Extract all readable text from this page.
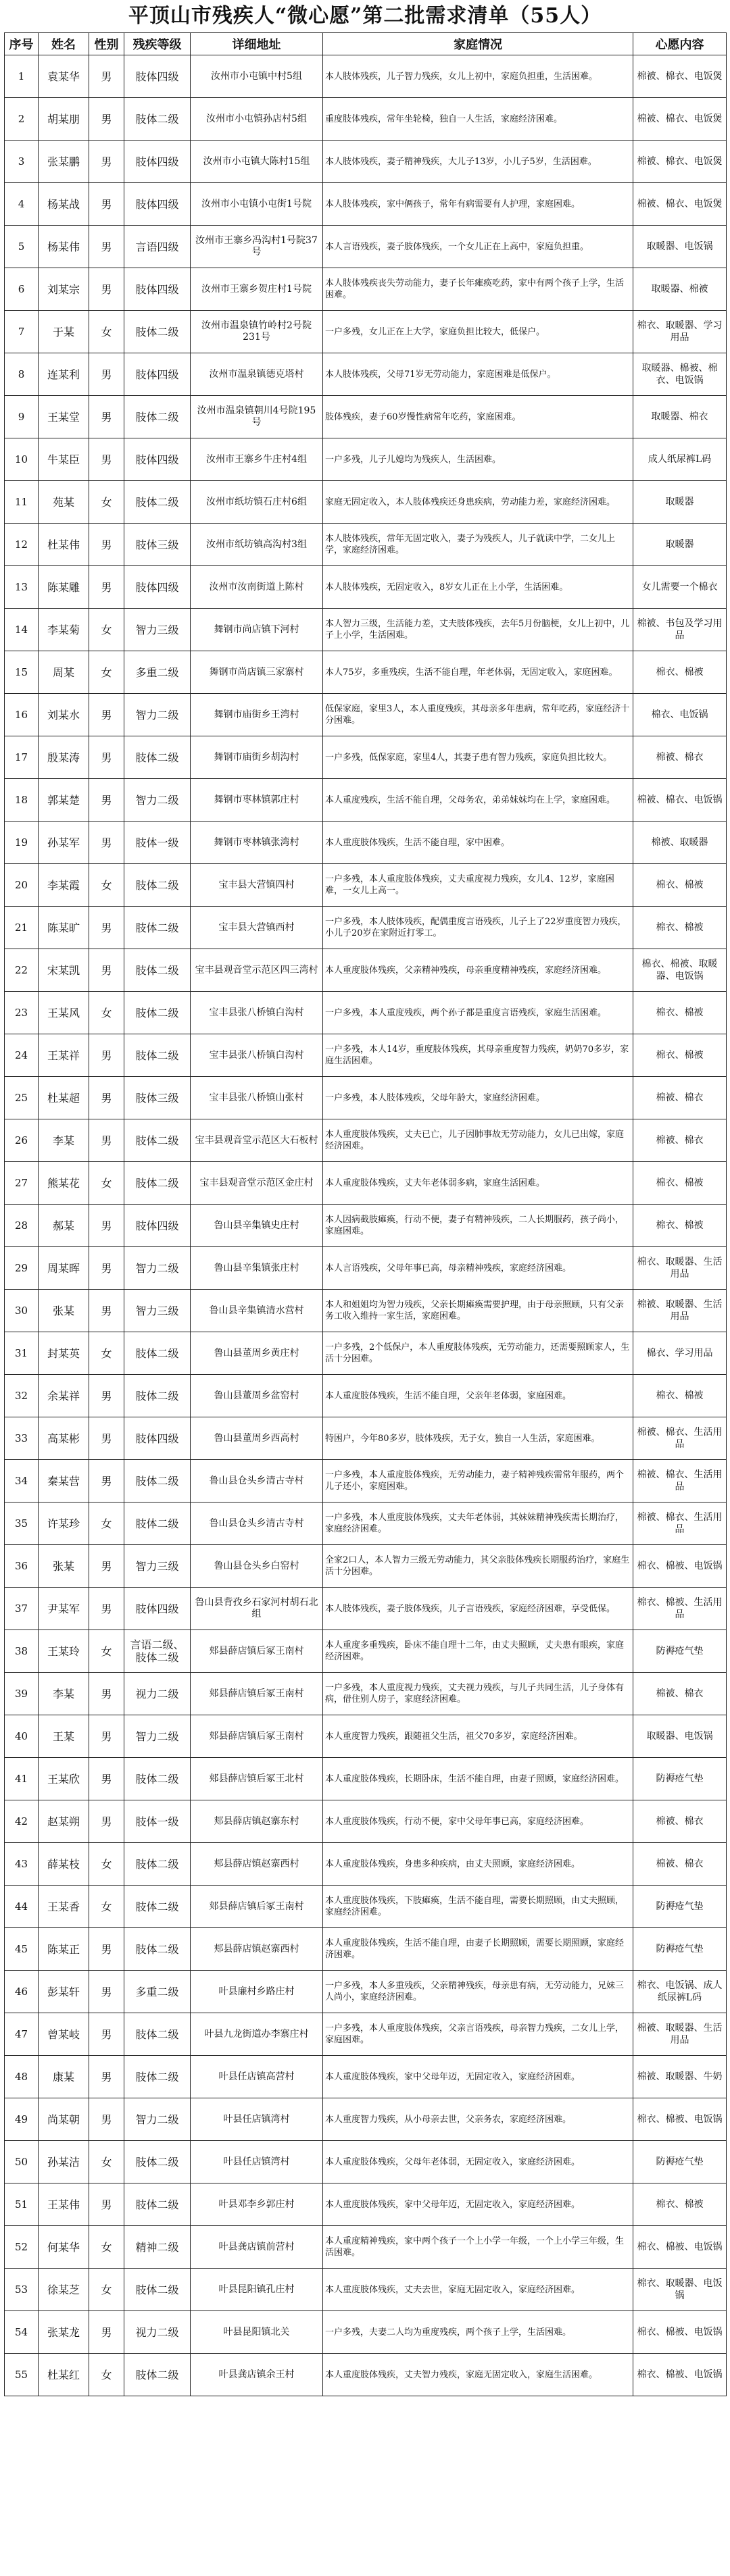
平顶山市残疾人“微心愿”第二批需求清单（55人）
序号	姓名	性别	残疾等级	详细地址	家庭情况	心愿内容
1	袁某华	男	肢体四级	汝州市小屯镇中村5组	本人肢体残疾，儿子智力残疾，女儿上初中，家庭负担重，生活困难。	棉被、棉衣、电饭煲
2	胡某朋	男	肢体二级	汝州市小屯镇孙店村5组	重度肢体残疾，常年坐轮椅，独自一人生活，家庭经济困难。	棉被、棉衣、电饭煲
3	张某鹏	男	肢体四级	汝州市小屯镇大陈村15组	本人肢体残疾，妻子精神残疾，大儿子13岁，小儿子5岁，生活困难。	棉被、棉衣、电饭煲
4	杨某战	男	肢体四级	汝州市小屯镇小屯街1号院	本人肢体残疾，家中俩孩子，常年有病需要有人护理，家庭困难。	棉被、棉衣、电饭煲
5	杨某伟	男	言语四级	汝州市王寨乡冯沟村1号院37号	本人言语残疾，妻子肢体残疾，一个女儿正在上高中，家庭负担重。	取暖器、电饭锅
6	刘某宗	男	肢体四级	汝州市王寨乡贺庄村1号院	本人肢体残疾丧失劳动能力，妻子长年瘫痪吃药，家中有两个孩子上学，生活困难。	取暖器、棉被
7	于某	女	肢体二级	汝州市温泉镇竹岭村2号院231号	一户多残，女儿正在上大学，家庭负担比较大，低保户。	棉衣、取暖器、学习用品
8	连某利	男	肢体四级	汝州市温泉镇德克塔村	本人肢体残疾，父母71岁无劳动能力，家庭困难是低保户。	取暖器、棉被、棉衣、电饭锅
9	王某堂	男	肢体二级	汝州市温泉镇朝川4号院195号	肢体残疾，妻子60岁慢性病常年吃药，家庭困难。	取暖器、棉衣
10	牛某臣	男	肢体四级	汝州市王寨乡牛庄村4组	一户多残，儿子儿媳均为残疾人，生活困难。	成人纸尿裤L码
11	苑某	女	肢体二级	汝州市纸坊镇石庄村6组	家庭无固定收入，本人肢体残疾还身患疾病，劳动能力差，家庭经济困难。	取暖器
12	杜某伟	男	肢体三级	汝州市纸坊镇高沟村3组	本人肢体残疾，常年无固定收入，妻子为残疾人，儿子就读中学，二女儿上学，家庭经济困难。	取暖器
13	陈某雕	男	肢体四级	汝州市汝南街道上陈村	本人肢体残疾，无固定收入，8岁女儿正在上小学，生活困难。	女儿需要一个棉衣
14	李某菊	女	智力三级	舞钢市尚店镇下河村	本人智力三级，生活能力差，丈夫肢体残疾，去年5月份脑梗，女儿上初中，儿子上小学，生活困难。	棉被、书包及学习用品
15	周某	女	多重二级	舞钢市尚店镇三家寨村	本人75岁，多重残疾，生活不能自理，年老体弱，无固定收入，家庭困难。	棉衣、棉被
16	刘某水	男	智力二级	舞钢市庙街乡王湾村	低保家庭，家里3人，本人重度残疾，其母亲多年患病，常年吃药，家庭经济十分困难。	棉衣、电饭锅
17	殷某涛	男	肢体二级	舞钢市庙街乡胡沟村	一户多残，低保家庭，家里4人，其妻子患有智力残疾，家庭负担比较大。	棉被、棉衣
18	郭某楚	男	智力二级	舞钢市枣林镇郭庄村	本人重度残疾，生活不能自理，父母务农，弟弟妹妹均在上学，家庭困难。	棉被、棉衣、电饭锅
19	孙某军	男	肢体一级	舞钢市枣林镇张湾村	本人重度肢体残疾，生活不能自理，家中困难。	棉被、取暖器
20	李某霞	女	肢体二级	宝丰县大营镇四村	一户多残，本人重度肢体残疾，丈夫重度视力残疾，女儿4、12岁，家庭困难，一女儿上高一。	棉衣、棉被
21	陈某旷	男	肢体二级	宝丰县大营镇西村	一户多残，本人肢体残疾，配偶重度言语残疾，儿子上了22岁重度智力残疾，小儿子20岁在家附近打零工。	棉衣、棉被
22	宋某凯	男	肢体二级	宝丰县观音堂示范区四三湾村	本人重度肢体残疾，父亲精神残疾，母亲重度精神残疾，家庭经济困难。	棉衣、棉被、取暖器、电饭锅
23	王某风	女	肢体二级	宝丰县张八桥镇白沟村	一户多残，本人重度残疾，两个孙子都是重度言语残疾，家庭生活困难。	棉衣、棉被
24	王某祥	男	肢体二级	宝丰县张八桥镇白沟村	一户多残，本人14岁，重度肢体残疾，其母亲重度智力残疾，奶奶70多岁，家庭生活困难。	棉衣、棉被
25	杜某超	男	肢体三级	宝丰县张八桥镇山张村	一户多残，本人肢体残疾，父母年龄大，家庭经济困难。	棉被、棉衣
26	李某	男	肢体二级	宝丰县观音堂示范区大石板村	本人重度肢体残疾，丈夫已亡，儿子因肺事故无劳动能力，女儿已出嫁，家庭经济困难。	棉被、棉衣
27	熊某花	女	肢体二级	宝丰县观音堂示范区金庄村	本人重度肢体残疾，丈夫年老体弱多病，家庭生活困难。	棉衣、棉被
28	郝某	男	肢体四级	鲁山县辛集镇史庄村	本人因病截肢瘫痪，行动不便，妻子有精神残疾，二人长期服药，孩子尚小，家庭困难。	棉衣、棉被
29	周某晖	男	智力二级	鲁山县辛集镇张庄村	本人言语残疾，父母年事已高，母亲精神残疾，家庭经济困难。	棉衣、取暖器、生活用品
30	张某	男	智力三级	鲁山县辛集镇清水营村	本人和姐姐均为智力残疾，父亲长期瘫痪需要护理，由于母亲照顾，只有父亲务工收入维持一家生活，家庭困难。	棉被、取暖器、生活用品
31	封某英	女	肢体二级	鲁山县董周乡黄庄村	一户多残，2个低保户，本人重度肢体残疾，无劳动能力，还需要照顾家人，生活十分困难。	棉衣、学习用品
32	余某祥	男	肢体二级	鲁山县董周乡盆窑村	本人重度肢体残疾，生活不能自理，父亲年老体弱，家庭困难。	棉衣、棉被
33	高某彬	男	肢体四级	鲁山县董周乡西高村	特困户，今年80多岁，肢体残疾，无子女，独自一人生活，家庭困难。	棉被、棉衣、生活用品
34	秦某营	男	肢体二级	鲁山县仓头乡清古寺村	一户多残，本人重度肢体残疾，无劳动能力，妻子精神残疾需常年服药，两个儿子还小，家庭困难。	棉被、棉衣、生活用品
35	许某珍	女	肢体二级	鲁山县仓头乡清古寺村	一户多残，本人重度肢体残疾，丈夫年老体弱，其妹妹精神残疾需长期治疗，家庭经济困难。	棉被、棉衣、生活用品
36	张某	男	智力三级	鲁山县仓头乡白窑村	全家2口人，本人智力三级无劳动能力，其父亲肢体残疾长期服药治疗，家庭生活十分困难。	棉衣、棉被、电饭锅
37	尹某军	男	肢体四级	鲁山县背孜乡石家河村胡石北组	本人肢体残疾，妻子肢体残疾，儿子言语残疾，家庭经济困难，享受低保。	棉衣、棉被、生活用品
38	王某玲	女	言语二级、肢体二级	郏县薛店镇后冢王南村	本人重度多重残疾，卧床不能自理十二年，由丈夫照顾，丈夫患有眼疾，家庭经济困难。	防褥疮气垫
39	李某	男	视力二级	郏县薛店镇后冢王南村	一户多残，本人重度视力残疾，丈夫视力残疾，与儿子共同生活，儿子身体有病，借住别人房子，家庭经济困难。	棉被、棉衣
40	王某	男	智力二级	郏县薛店镇后冢王南村	本人重度智力残疾，跟随祖父生活，祖父70多岁，家庭经济困难。	取暖器、电饭锅
41	王某欣	男	肢体二级	郏县薛店镇后冢王北村	本人重度肢体残疾，长期卧床，生活不能自理，由妻子照顾，家庭经济困难。	防褥疮气垫
42	赵某朔	男	肢体一级	郏县薛店镇赵寨东村	本人重度肢体残疾，行动不便，家中父母年事已高，家庭经济困难。	棉被、棉衣
43	薛某枝	女	肢体二级	郏县薛店镇赵寨西村	本人重度肢体残疾，身患多种疾病，由丈夫照顾，家庭经济困难。	棉被、棉衣
44	王某香	女	肢体二级	郏县薛店镇后冢王南村	本人重度肢体残疾，下肢瘫痪，生活不能自理，需要长期照顾，由丈夫照顾，家庭经济困难。	防褥疮气垫
45	陈某正	男	肢体二级	郏县薛店镇赵寨西村	本人重度肢体残疾，生活不能自理，由妻子长期照顾，需要长期照顾，家庭经济困难。	防褥疮气垫
46	彭某轩	男	多重二级	叶县廉村乡路庄村	一户多残，本人多重残疾，父亲精神残疾，母亲患有病，无劳动能力，兄妹三人尚小，家庭经济困难。	棉衣、电饭锅、成人纸尿裤L码
47	曾某岐	男	肢体二级	叶县九龙街道办李寨庄村	一户多残，本人重度肢体残疾，父亲言语残疾，母亲智力残疾，二女儿上学，家庭困难。	棉被、取暖器、生活用品
48	康某	男	肢体二级	叶县任店镇高营村	本人重度肢体残疾，家中父母年迈，无固定收入，家庭经济困难。	棉被、取暖器、牛奶
49	尚某朝	男	智力二级	叶县任店镇湾村	本人重度智力残疾，从小母亲去世，父亲务农，家庭经济困难。	棉衣、棉被、电饭锅
50	孙某洁	女	肢体二级	叶县任店镇湾村	本人重度肢体残疾，父母年老体弱，无固定收入，家庭经济困难。	防褥疮气垫
51	王某伟	男	肢体二级	叶县邓李乡郭庄村	本人重度肢体残疾，家中父母年迈，无固定收入，家庭经济困难。	棉衣、棉被
52	何某华	女	精神二级	叶县龚店镇前营村	本人重度精神残疾，家中两个孩子一个上小学一年级，一个上小学三年级，生活困难。	棉衣、棉被、电饭锅
53	徐某芝	女	肢体二级	叶县昆阳镇孔庄村	本人重度肢体残疾，丈夫去世，家庭无固定收入，家庭经济困难。	棉衣、取暖器、电饭锅
54	张某龙	男	视力二级	叶县昆阳镇北关	一户多残，夫妻二人均为重度残疾，两个孩子上学，生活困难。	棉衣、棉被、电饭锅
55	杜某红	女	肢体二级	叶县龚店镇余王村	本人重度肢体残疾，丈夫智力残疾，家庭无固定收入，家庭生活困难。	棉衣、棉被、电饭锅
